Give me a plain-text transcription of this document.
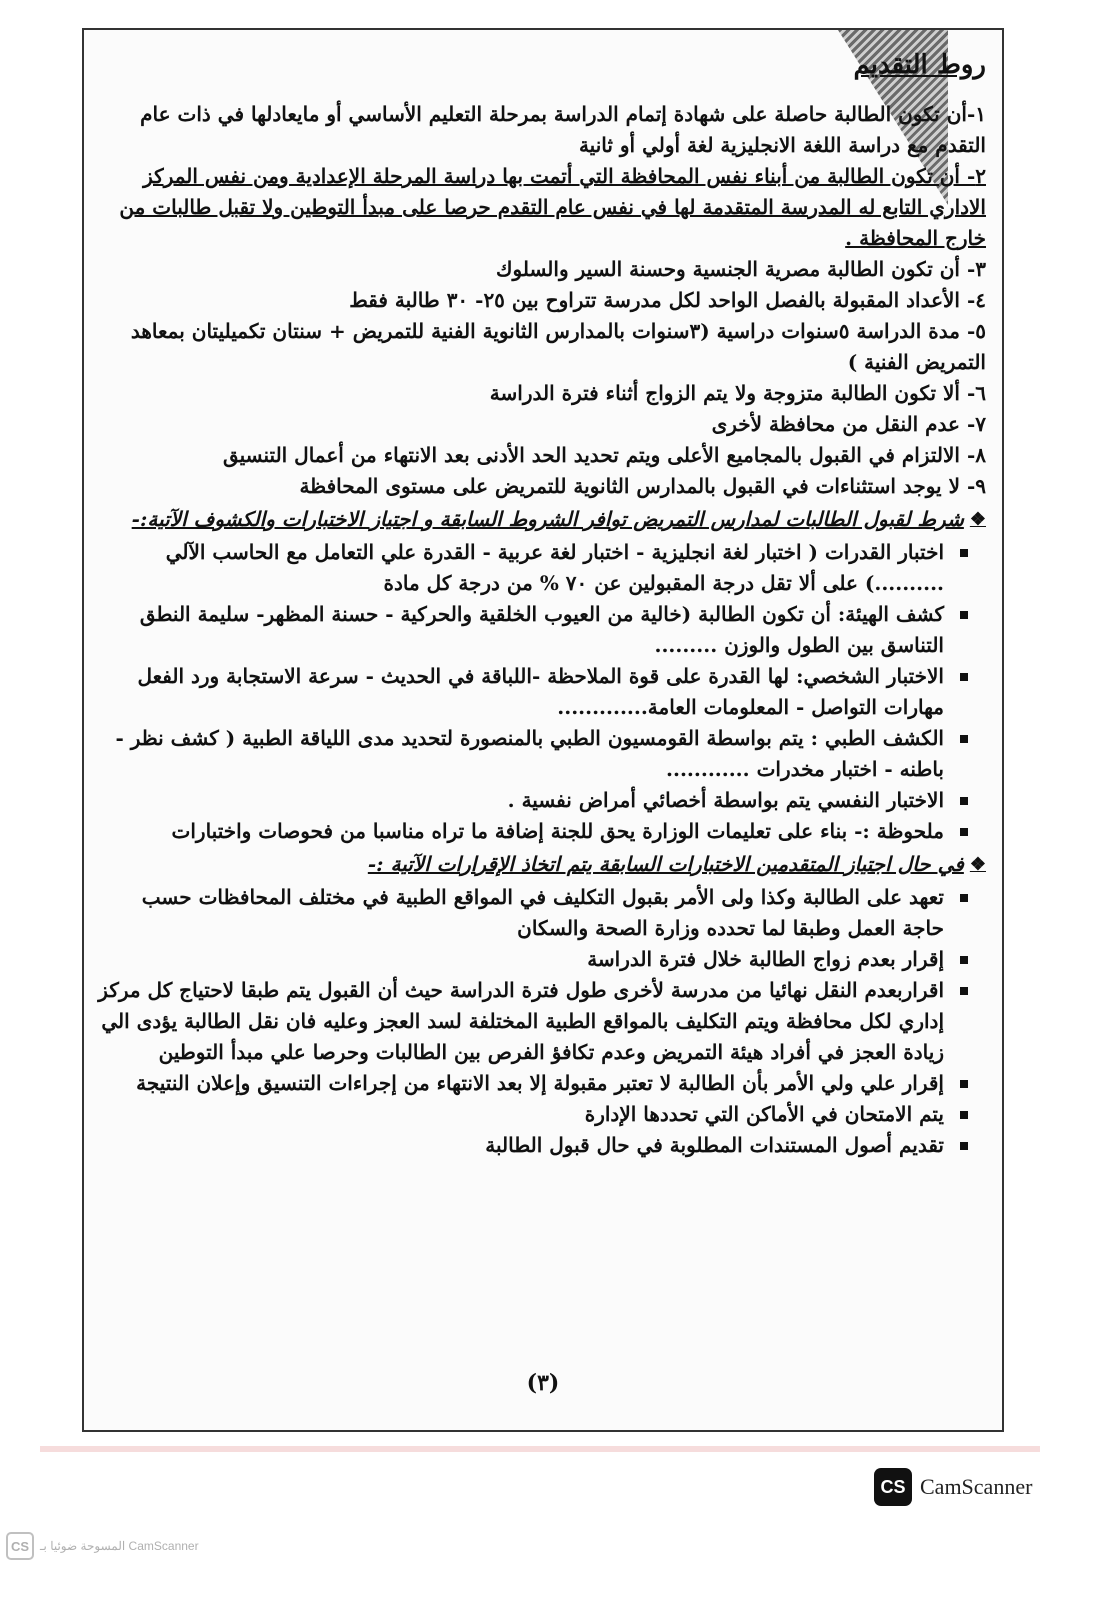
(٣)
روط التقديم

١-أن تكون الطالبة حاصلة على شهادة إتمام الدراسة بمرحلة التعليم الأساسي أو مايعادلها في ذات عام التقدم مع دراسة اللغة الانجليزية لغة أولي أو ثانية

٢- أن تكون الطالبة من أبناء نفس المحافظة التي أتمت بها دراسة المرحلة الإعدادية ومن نفس المركز الاداري التابع له المدرسة المتقدمة لها في نفس عام التقدم حرصا على مبدأ التوطين ولا تقبل طالبات من خارج المحافظة .

٣- أن تكون الطالبة مصرية الجنسية وحسنة السير والسلوك

٤- الأعداد المقبولة بالفصل الواحد لكل مدرسة تتراوح بين ٢٥- ٣٠ طالبة فقط

٥- مدة الدراسة ٥سنوات دراسية (٣سنوات بالمدارس الثانوية الفنية للتمريض + سنتان تكميليتان بمعاهد التمريض الفنية )

٦- ألا تكون الطالبة متزوجة ولا يتم الزواج أثناء فترة الدراسة

٧- عدم النقل من محافظة لأخرى

٨- الالتزام في القبول بالمجاميع الأعلى ويتم تحديد الحد الأدنى بعد الانتهاء من أعمال التنسيق

٩- لا يوجد استثناءات في القبول بالمدارس الثانوية للتمريض على مستوى المحافظة

❖
شرط لقبول الطالبات لمدارس التمريض توافر الشروط السابقة و اجتياز الاختبارات والكشوف الآتية:-
اختبار القدرات ( اختبار لغة انجليزية - اختبار لغة عربية - القدرة علي التعامل مع الحاسب الآلي ..........) على ألا تقل درجة المقبولين عن ٧٠ % من درجة كل مادة
كشف الهيئة: أن تكون الطالبة (خالية من العيوب الخلقية والحركية - حسنة المظهر- سليمة النطق التناسق بين الطول والوزن .........
الاختبار الشخصي: لها القدرة على قوة الملاحظة -اللباقة في الحديث - سرعة الاستجابة ورد الفعل مهارات التواصل - المعلومات العامة.............
الكشف الطبي : يتم بواسطة القومسيون الطبي بالمنصورة لتحديد مدى اللياقة الطبية ( كشف نظر - باطنه - اختبار مخدرات ............
الاختبار النفسي يتم بواسطة أخصائي أمراض نفسية .
ملحوظة :- بناء على تعليمات الوزارة يحق للجنة إضافة ما تراه مناسبا من فحوصات واختبارات
❖
في حال اجتياز المتقدمين الاختبارات السابقة يتم اتخاذ الإقرارات الآتية :-
تعهد على الطالبة وكذا ولى الأمر بقبول التكليف في المواقع الطبية في مختلف المحافظات حسب حاجة العمل وطبقا لما تحدده وزارة الصحة والسكان
إقرار بعدم زواج الطالبة خلال فترة الدراسة
اقراربعدم النقل نهائيا من مدرسة لأخرى طول فترة الدراسة حيث أن القبول يتم طبقا لاحتياج كل مركز إداري لكل محافظة ويتم التكليف بالمواقع الطبية المختلفة لسد العجز وعليه فان نقل الطالبة يؤدى الي زيادة العجز في أفراد هيئة التمريض وعدم تكافؤ الفرص بين الطالبات وحرصا علي مبدأ التوطين
إقرار علي ولي الأمر بأن الطالبة لا تعتبر مقبولة إلا بعد الانتهاء من إجراءات التنسيق وإعلان النتيجة
يتم الامتحان في الأماكن التي تحددها الإدارة
تقديم أصول المستندات المطلوبة في حال قبول الطالبة
CS CamScanner
CS المسوحة ضوئيا بـ CamScanner
